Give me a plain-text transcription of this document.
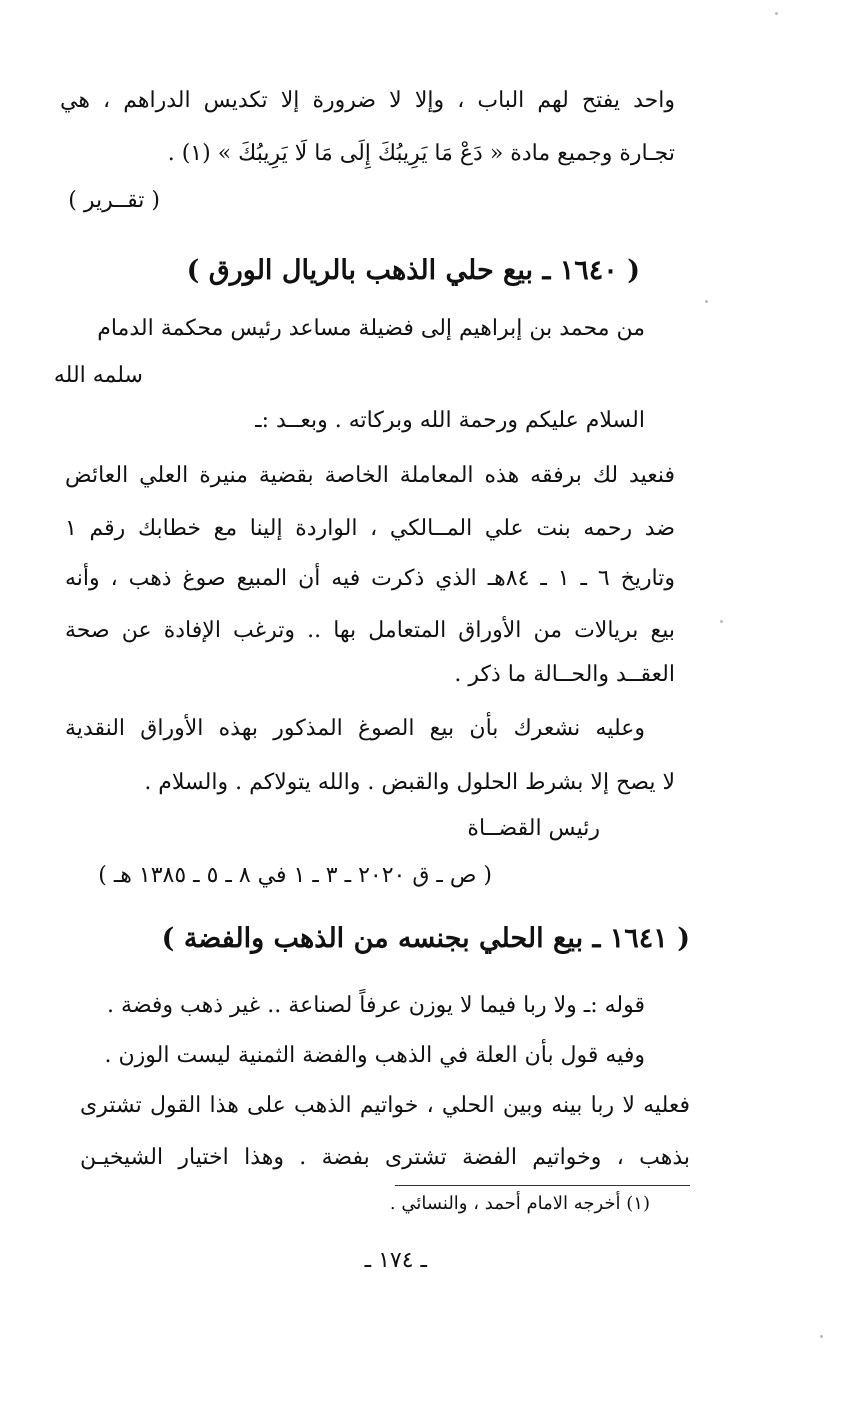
واحد يفتح لهم الباب ، وإلا لا ضرورة إلا تكديس الدراهم ، هي
تجـارة وجميع مادة « دَعْ مَا يَرِيبُكَ إِلَى مَا لَا يَرِيبُكَ » (١) .
( تقــرير )
( ١٦٤٠ ـ بيع حلي الذهب بالريال الورق )
من محمد بن إبراهيم إلى فضيلة مساعد رئيس محكمة الدمام
سلمه الله
السلام عليكم ورحمة الله وبركاته . وبعــد :ـ
فنعيد لك برفقه هذه المعاملة الخاصة بقضية منيرة العلي العائض
ضد رحمه بنت علي المــالكي ، الواردة إلينا مع خطابك رقم ١
وتاريخ ٦ ـ ١ ـ ٨٤هـ الذي ذكرت فيه أن المبيع صوغ ذهب ، وأنه
بيع بريالات من الأوراق المتعامل بها .. وترغب الإفادة عن صحة
العقــد والحــالة ما ذكر .
وعليه نشعرك بأن بيع الصوغ المذكور بهذه الأوراق النقدية
لا يصح إلا بشرط الحلول والقبض . والله يتولاكم . والسلام .
رئيس القضــاة
( ص ـ ق ٢٠٢٠ ـ ٣ ـ ١ في ٨ ـ ٥ ـ ١٣٨٥ هـ )
( ١٦٤١ ـ بيع الحلي بجنسه من الذهب والفضة )
قوله :ـ ولا ربا فيما لا يوزن عرفاً لصناعة .. غير ذهب وفضة .
وفيه قول بأن العلة في الذهب والفضة الثمنية ليست الوزن .
فعليه لا ربا بينه وبين الحلي ، خواتيم الذهب على هذا القول تشترى
بذهب ، وخواتيم الفضة تشترى بفضة . وهذا اختيار الشيخيـن
(١) أخرجه الامام أحمد ، والنسائي .
ـ ١٧٤ ـ
